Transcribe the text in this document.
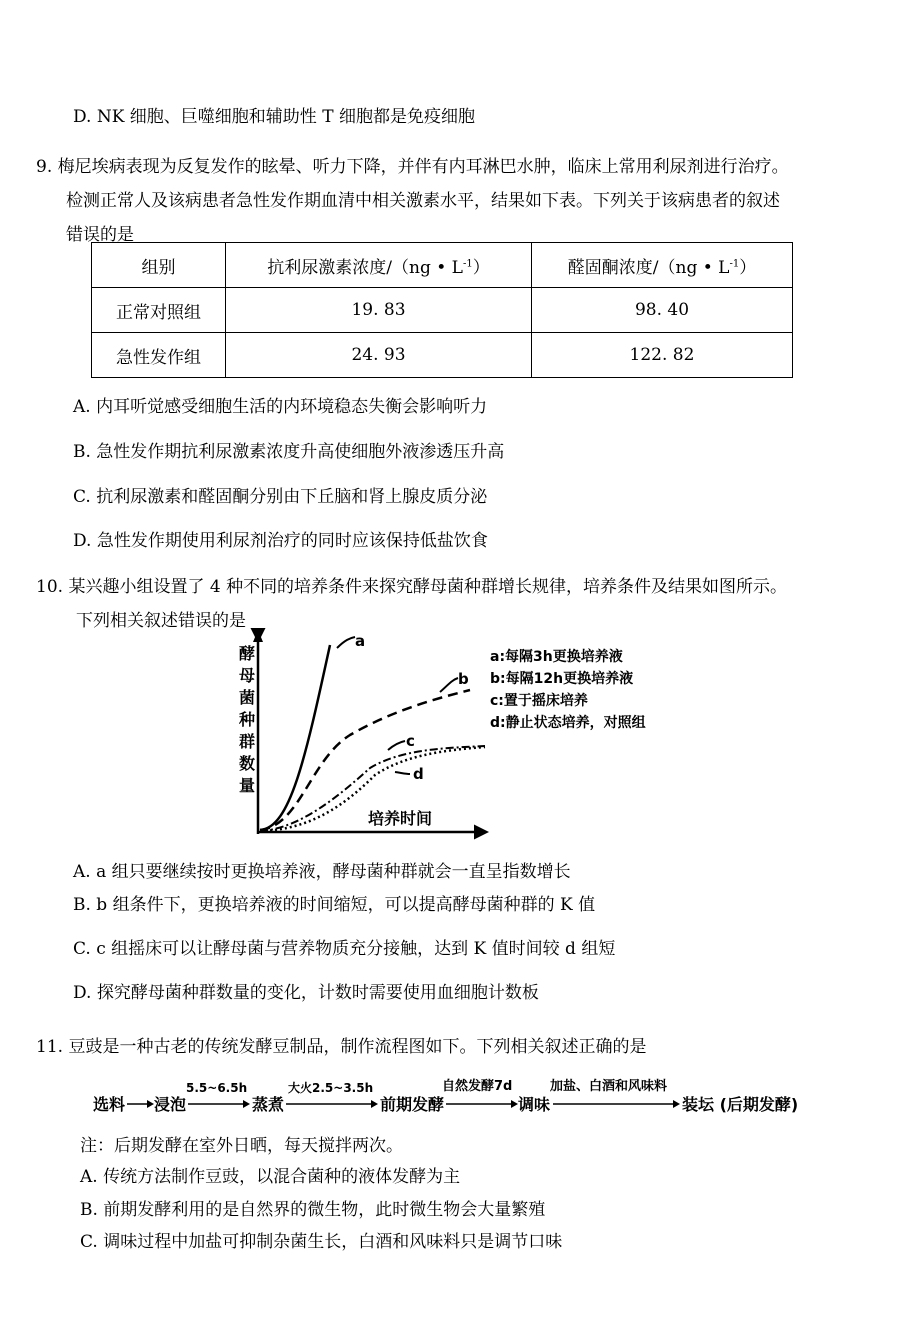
D. NK 细胞、巨噬细胞和辅助性 T 细胞都是免疫细胞
9. 梅尼埃病表现为反复发作的眩晕、听力下降，并伴有内耳淋巴水肿，临床上常用利尿剂进行治疗。
检测正常人及该病患者急性发作期血清中相关激素水平，结果如下表。下列关于该病患者的叙述
错误的是
组别	抗利尿激素浓度/（ng • $L^{-1}$）	醛固酮浓度/（ng • $L^{-1}$）
正常对照组	19. 83	98. 40
急性发作组	24. 93	122. 82
A. 内耳听觉感受细胞生活的内环境稳态失衡会影响听力
B. 急性发作期抗利尿激素浓度升高使细胞外液渗透压升高
C. 抗利尿激素和醛固酮分别由下丘脑和肾上腺皮质分泌
D. 急性发作期使用利尿剂治疗的同时应该保持低盐饮食
10. 某兴趣小组设置了 4 种不同的培养条件来探究酵母菌种群增长规律，培养条件及结果如图所示。
下列相关叙述错误的是
酵
母
菌
种
群
数
量
培养时间
a
b
c
d
a:每隔3h更换培养液
b:每隔12h更换培养液
c:置于摇床培养
d:静止状态培养，对照组
选料 浸泡
5.5~6.5h
蒸煮
大火2.5~3.5h
前期发酵
自然发酵7d
调味
加盐、白酒和风味料
装坛 (后期发酵)
A. a 组只要继续按时更换培养液，酵母菌种群就会一直呈指数增长
B. b 组条件下，更换培养液的时间缩短，可以提高酵母菌种群的 K 值
C. c 组摇床可以让酵母菌与营养物质充分接触，达到 K 值时间较 d 组短
D. 探究酵母菌种群数量的变化，计数时需要使用血细胞计数板
11. 豆豉是一种古老的传统发酵豆制品，制作流程图如下。下列相关叙述正确的是
注：后期发酵在室外日晒，每天搅拌两次。
A. 传统方法制作豆豉，以混合菌种的液体发酵为主
B. 前期发酵利用的是自然界的微生物，此时微生物会大量繁殖
C. 调味过程中加盐可抑制杂菌生长，白酒和风味料只是调节口味
